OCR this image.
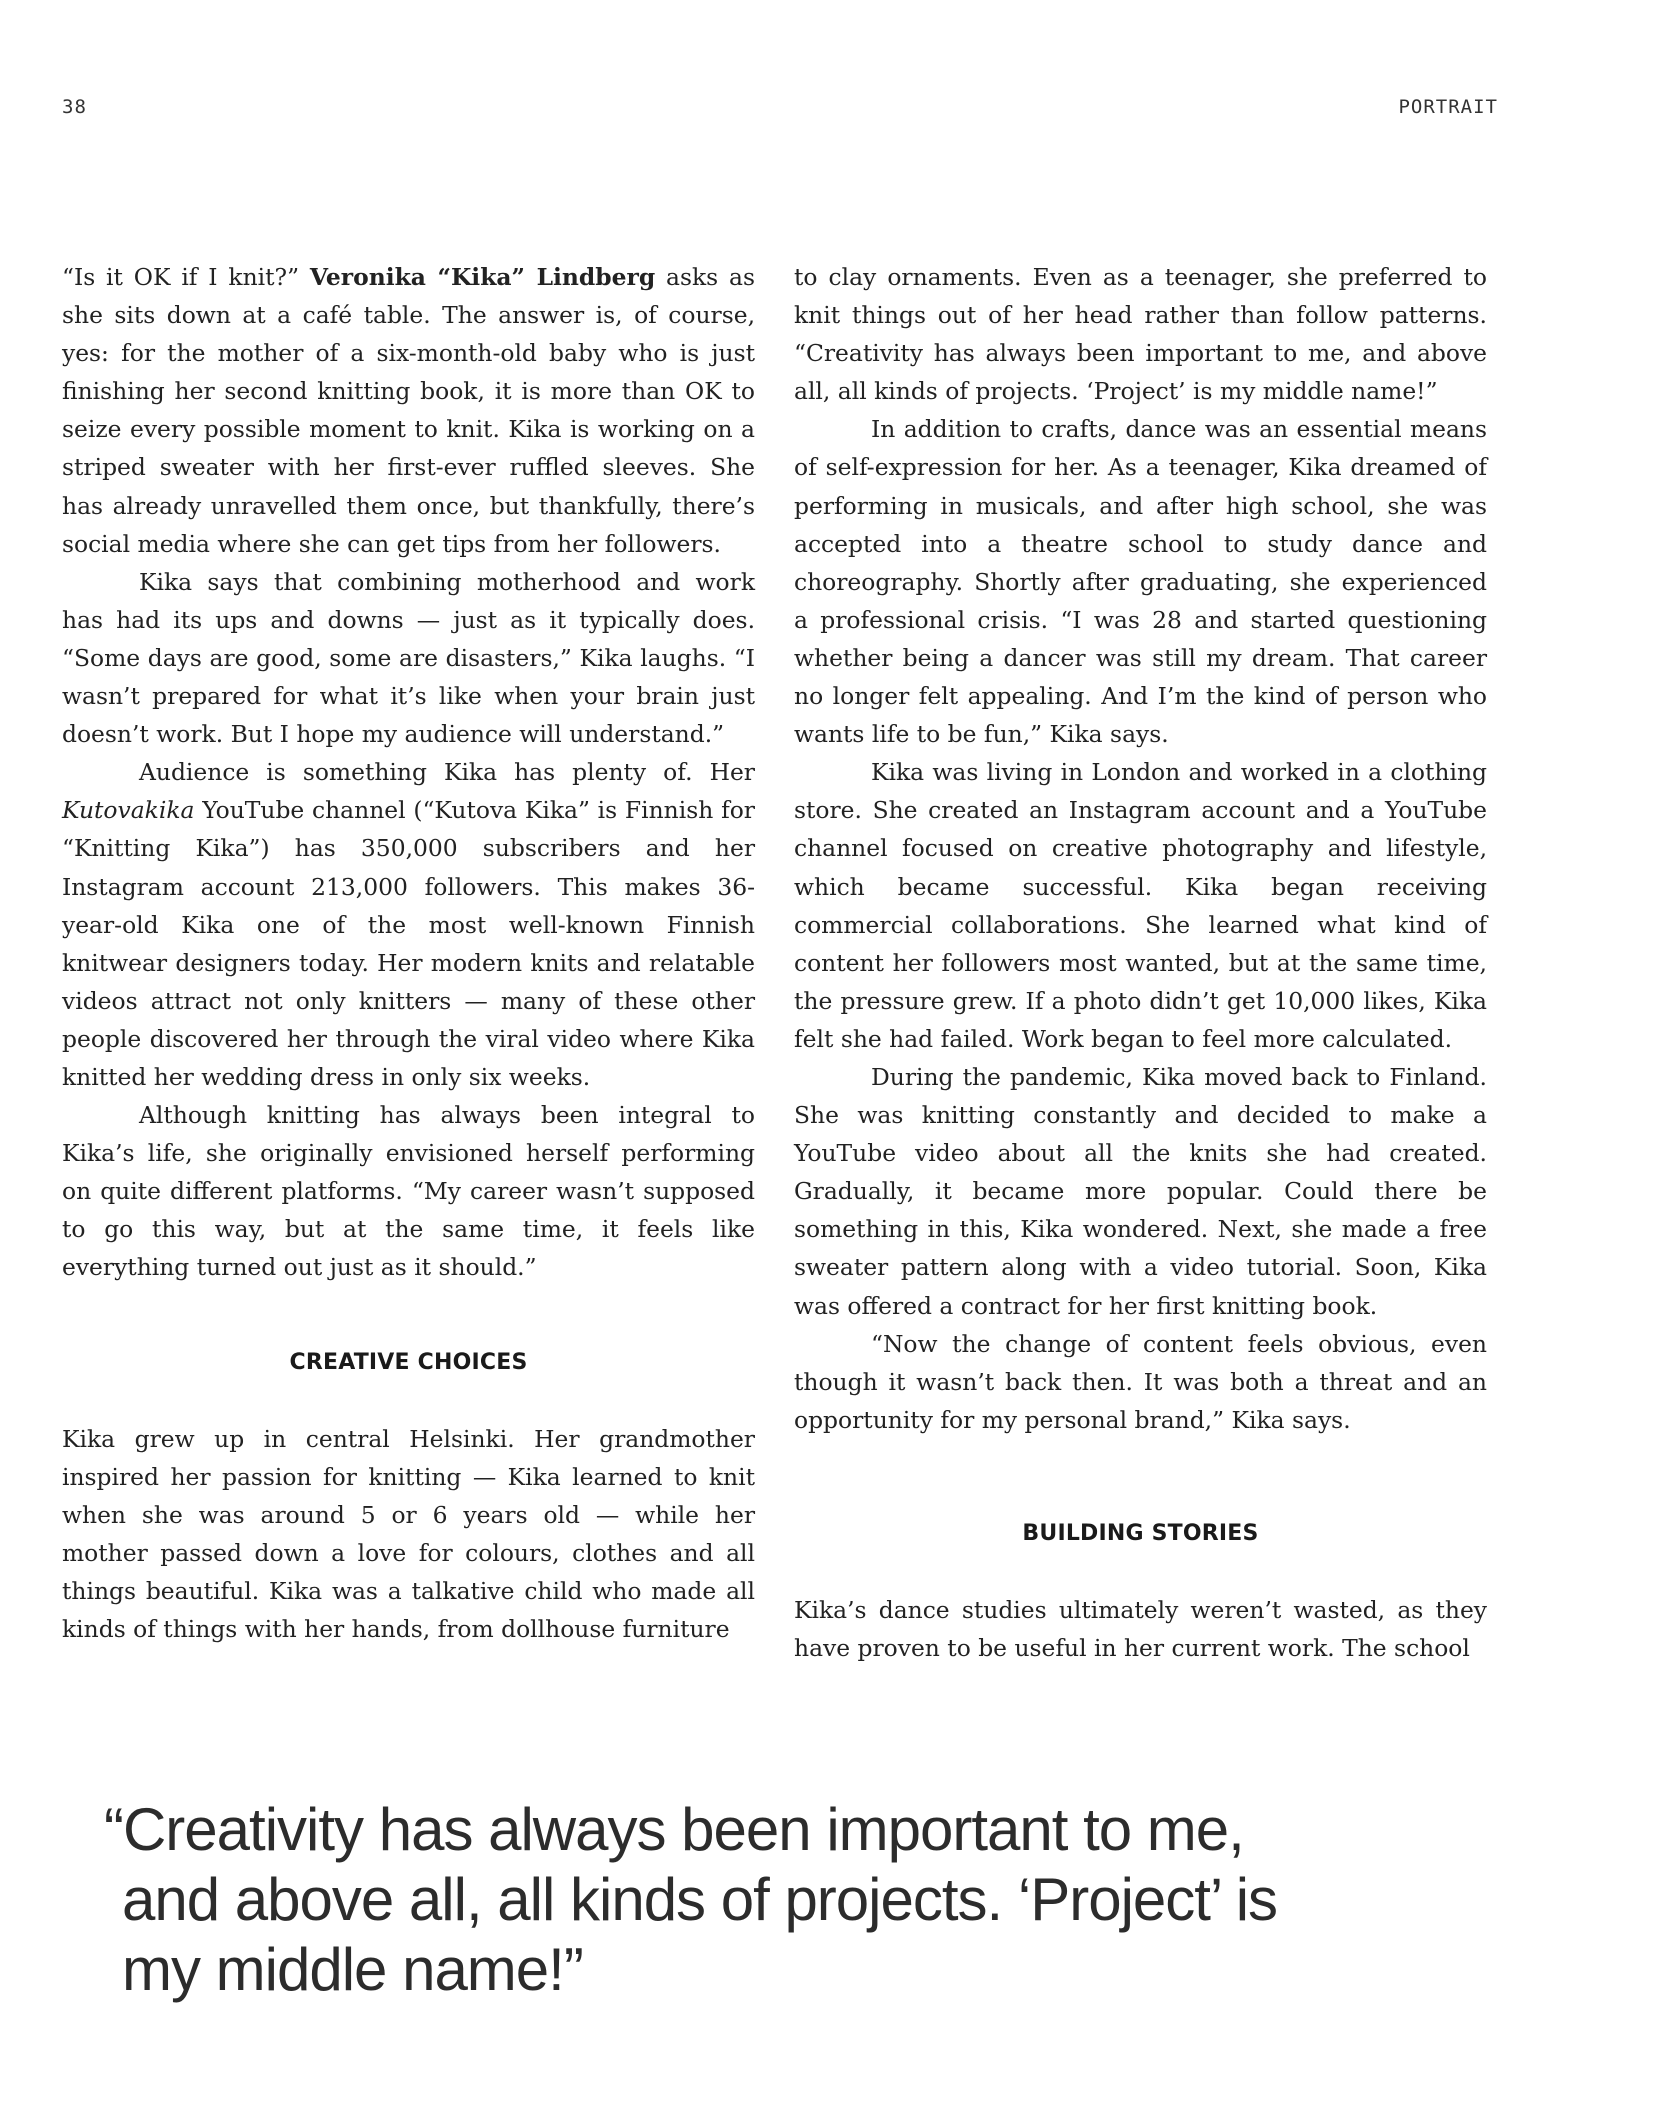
38	PORTRAIT

“Is it OK if I knit?” Veronika “Kika” Lindberg asks as she sits down at a café table. The answer is, of course, yes: for the mother of a six-month-old baby who is just finishing her second knitting book, it is more than OK to seize every possible moment to knit. Kika is working on a striped sweater with her first-ever ruffled sleeves. She has already unravelled them once, but thankfully, there’s social media where she can get tips from her followers.

Kika says that combining motherhood and work has had its ups and downs — just as it typically does. “Some days are good, some are disasters,” Kika laughs. “I wasn’t prepared for what it’s like when your brain just doesn’t work. But I hope my audience will understand.”

Audience is something Kika has plenty of. Her Kutovakika YouTube channel (“Kutova Kika” is Finnish for “Knitting Kika”) has 350,000 subscribers and her Instagram account 213,000 followers. This makes 36-year-old Kika one of the most well-known Finnish knitwear designers today. Her modern knits and relatable videos attract not only knitters — many of these other people discovered her through the viral video where Kika knitted her wedding dress in only six weeks.

Although knitting has always been integral to Kika’s life, she originally envisioned herself performing on quite different platforms. “My career wasn’t supposed to go this way, but at the same time, it feels like everything turned out just as it should.”

CREATIVE CHOICES

Kika grew up in central Helsinki. Her grandmother inspired her passion for knitting — Kika learned to knit when she was around 5 or 6 years old — while her mother passed down a love for colours, clothes and all things beautiful. Kika was a talkative child who made all kinds of things with her hands, from dollhouse furniture

to clay ornaments. Even as a teenager, she preferred to knit things out of her head rather than follow patterns. “Creativity has always been important to me, and above all, all kinds of projects. ‘Project’ is my middle name!”

In addition to crafts, dance was an essential means of self-expression for her. As a teenager, Kika dreamed of performing in musicals, and after high school, she was accepted into a theatre school to study dance and choreography. Shortly after graduating, she experienced a professional crisis. “I was 28 and started questioning whether being a dancer was still my dream. That career no longer felt appealing. And I’m the kind of person who wants life to be fun,” Kika says.

Kika was living in London and worked in a clothing store. She created an Instagram account and a YouTube channel focused on creative photography and lifestyle, which became successful. Kika began receiving commercial collaborations. She learned what kind of content her followers most wanted, but at the same time, the pressure grew. If a photo didn’t get 10,000 likes, Kika felt she had failed. Work began to feel more calculated.

During the pandemic, Kika moved back to Finland. She was knitting constantly and decided to make a YouTube video about all the knits she had created. Gradually, it became more popular. Could there be something in this, Kika wondered. Next, she made a free sweater pattern along with a video tutorial. Soon, Kika was offered a contract for her first knitting book.

“Now the change of content feels obvious, even though it wasn’t back then. It was both a threat and an opportunity for my personal brand,” Kika says.

BUILDING STORIES

Kika’s dance studies ultimately weren’t wasted, as they have proven to be useful in her current work. The school

“Creativity has always been important to me,
and above all, all kinds of projects. ‘Project’ is
my middle name!”
